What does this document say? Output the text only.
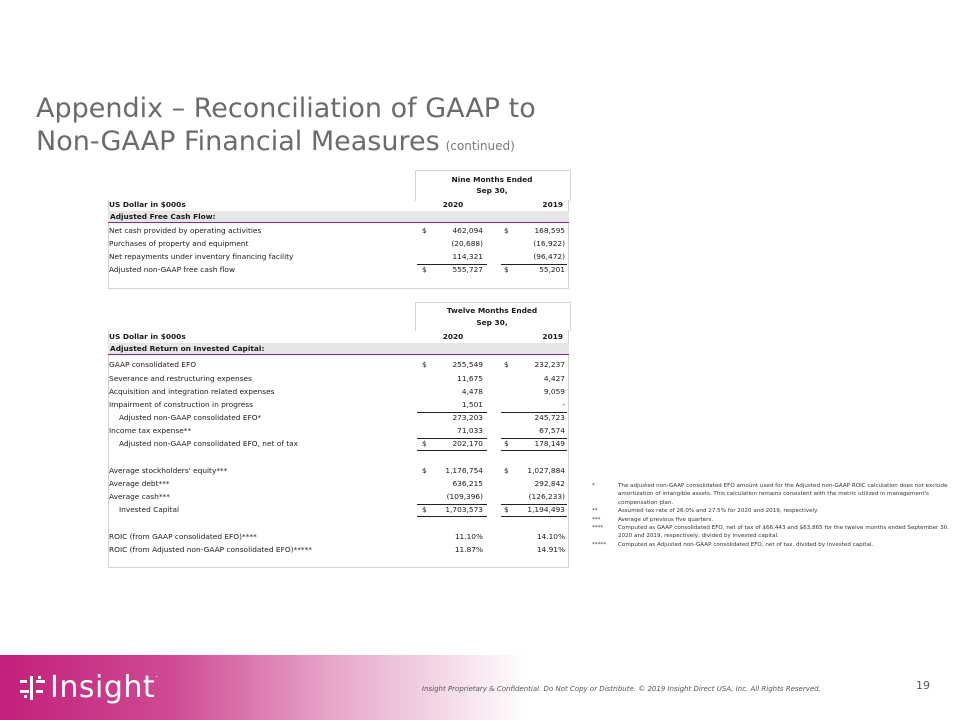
Appendix – Reconciliation of GAAP to
Non-GAAP Financial Measures (continued)
Nine Months Ended
Sep 30,
US Dollar in $000s	2020	2019
Adjusted Free Cash Flow:
Net cash provided by operating activities	$	462,094	$	168,595
Purchases of property and equipment	(20,688)	(16,922)
Net repayments under inventory financing facility	114,321	(96,472)
Adjusted non-GAAP free cash flow	$	555,727	$	55,201
Twelve Months Ended
Sep 30,
US Dollar in $000s	2020	2019
Adjusted Return on Invested Capital:
GAAP consolidated EFO	$	255,549	$	232,237
Severance and restructuring expenses	11,675	4,427
Acquisition and integration related expenses	4,478	9,059
Impairment of construction in progress	1,501	-
Adjusted non-GAAP consolidated EFO*	273,203	245,723
Income tax expense**	71,033	67,574
Adjusted non-GAAP consolidated EFO, net of tax	$	202,170	$	178,149
Average stockholders' equity***	$	1,176,754	$	1,027,884
Average debt***	636,215	292,842
Average cash***	(109,396)	(126,233)
Invested Capital	$	1,703,573	$	1,194,493
ROIC (from GAAP consolidated EFO)****	11.10%	14.10%
ROIC (from Adjusted non-GAAP consolidated EFO)*****	11.87%	14.91%
*	The adjusted non-GAAP consolidated EFO amount used for the Adjusted non-GAAP ROIC calculation does not exclude amortization of intangible assets. This calculation remains consistent with the metric utilized in management's compensation plan.
**	Assumed tax rate of 26.0% and 27.5% for 2020 and 2019, respectively.
***	Average of previous five quarters.
****	Computed as GAAP consolidated EFO, net of tax of $66,443 and $63,865 for the twelve months ended September 30, 2020 and 2019, respectively, divided by invested capital.
***** Computed as Adjusted non-GAAP consolidated EFO, net of tax, divided by invested capital.
Insight.
Insight Proprietary & Confidential. Do Not Copy or Distribute. © 2019 Insight Direct USA, Inc. All Rights Reserved.	19
